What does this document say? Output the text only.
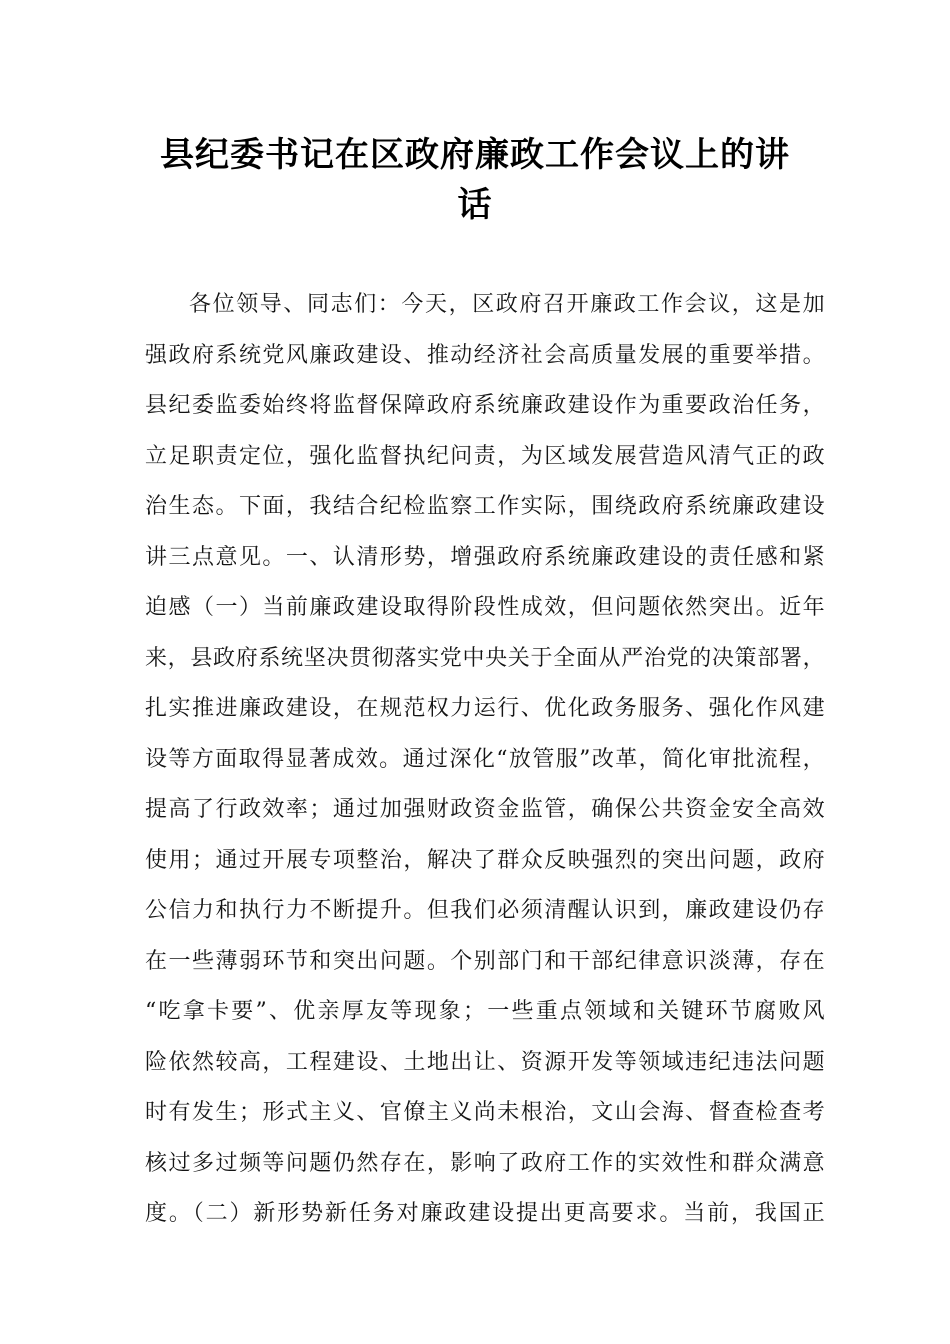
县纪委书记在区政府廉政工作会议上的讲
话
各位领导、同志们：今天，区政府召开廉政工作会议，这是加
强政府系统党风廉政建设、推动经济社会高质量发展的重要举措。
县纪委监委始终将监督保障政府系统廉政建设作为重要政治任务，
立足职责定位，强化监督执纪问责，为区域发展营造风清气正的政
治生态。下面，我结合纪检监察工作实际，围绕政府系统廉政建设
讲三点意见。一、认清形势，增强政府系统廉政建设的责任感和紧
迫感（一）当前廉政建设取得阶段性成效，但问题依然突出。近年
来，县政府系统坚决贯彻落实党中央关于全面从严治党的决策部署，
扎实推进廉政建设，在规范权力运行、优化政务服务、强化作风建
设等方面取得显著成效。通过深化“放管服”改革，简化审批流程，
提高了行政效率；通过加强财政资金监管，确保公共资金安全高效
使用；通过开展专项整治，解决了群众反映强烈的突出问题，政府
公信力和执行力不断提升。但我们必须清醒认识到，廉政建设仍存
在一些薄弱环节和突出问题。个别部门和干部纪律意识淡薄，存在
“吃拿卡要”、优亲厚友等现象；一些重点领域和关键环节腐败风
险依然较高，工程建设、土地出让、资源开发等领域违纪违法问题
时有发生；形式主义、官僚主义尚未根治，文山会海、督查检查考
核过多过频等问题仍然存在，影响了政府工作的实效性和群众满意
度。（二）新形势新任务对廉政建设提出更高要求。当前，我国正
